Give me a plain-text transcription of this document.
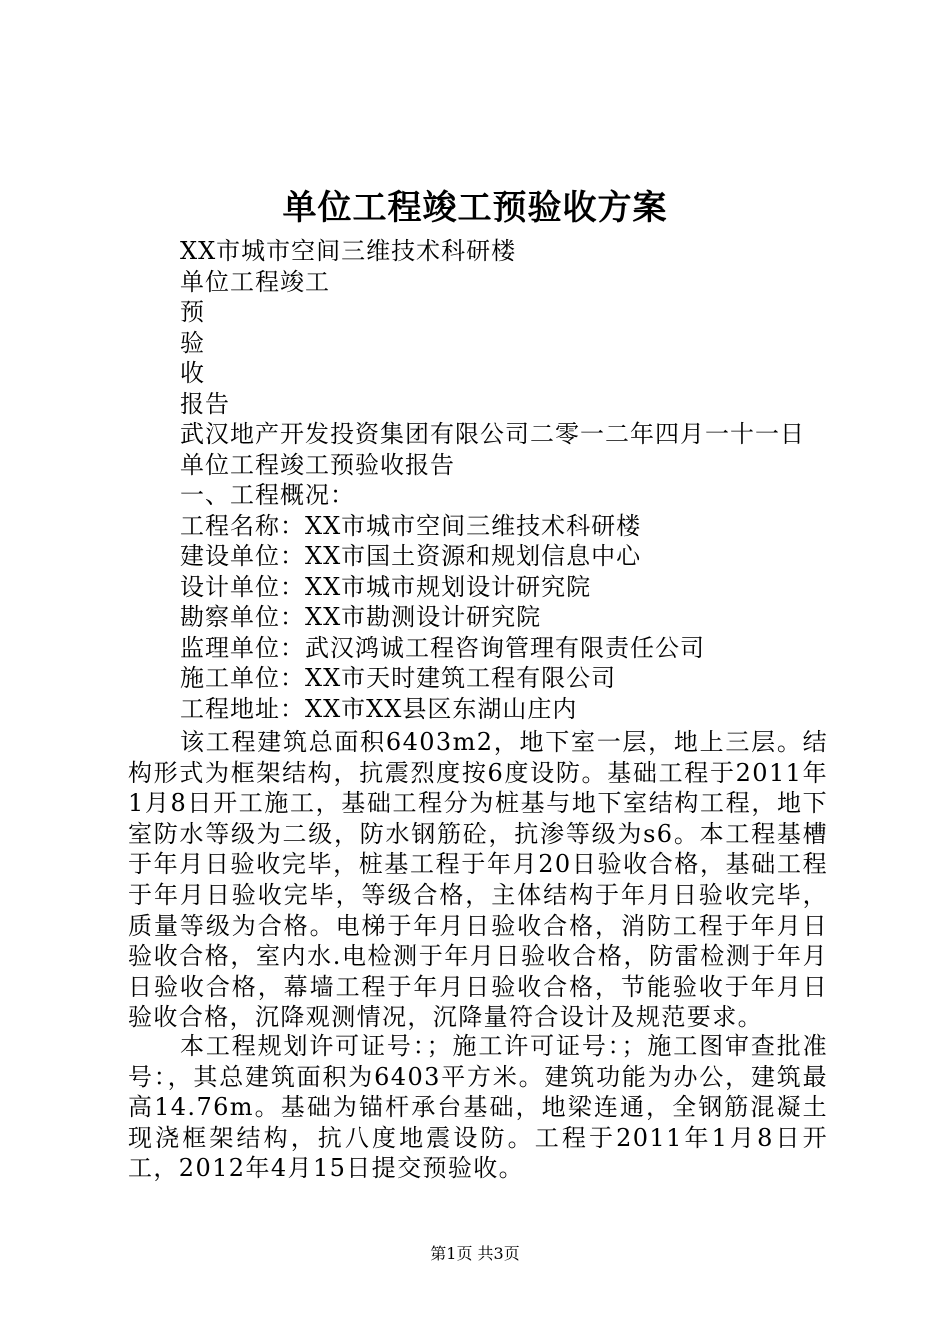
单位工程竣工预验收方案
XX市城市空间三维技术科研楼
单位工程竣工
预
验
收
报告
武汉地产开发投资集团有限公司二零一二年四月一十一日
单位工程竣工预验收报告
一、工程概况：
工程名称：XX市城市空间三维技术科研楼
建设单位：XX市国土资源和规划信息中心
设计单位：XX市城市规划设计研究院
勘察单位：XX市勘测设计研究院
监理单位：武汉鸿诚工程咨询管理有限责任公司
施工单位：XX市天时建筑工程有限公司
工程地址：XX市XX县区东湖山庄内

该工程建筑总面积6403m2，地下室一层，地上三层。结构形式为框架结构，抗震烈度按6度设防。基础工程于2011年1月8日开工施工，基础工程分为桩基与地下室结构工程，地下室防水等级为二级，防水钢筋砼，抗渗等级为s6。本工程基槽于年月日验收完毕，桩基工程于年月20日验收合格，基础工程于年月日验收完毕，等级合格，主体结构于年月日验收完毕，质量等级为合格。电梯于年月日验收合格，消防工程于年月日验收合格，室内水.电检测于年月日验收合格，防雷检测于年月日验收合格，幕墙工程于年月日验收合格，节能验收于年月日验收合格，沉降观测情况，沉降量符合设计及规范要求。

本工程规划许可证号：；施工许可证号：；施工图审查批准号：，其总建筑面积为6403平方米。建筑功能为办公，建筑最高14.76m。基础为锚杆承台基础，地梁连通，全钢筋混凝土现浇框架结构，抗八度地震设防。工程于2011年1月8日开工，2012年4月15日提交预验收。

第1页 共3页
